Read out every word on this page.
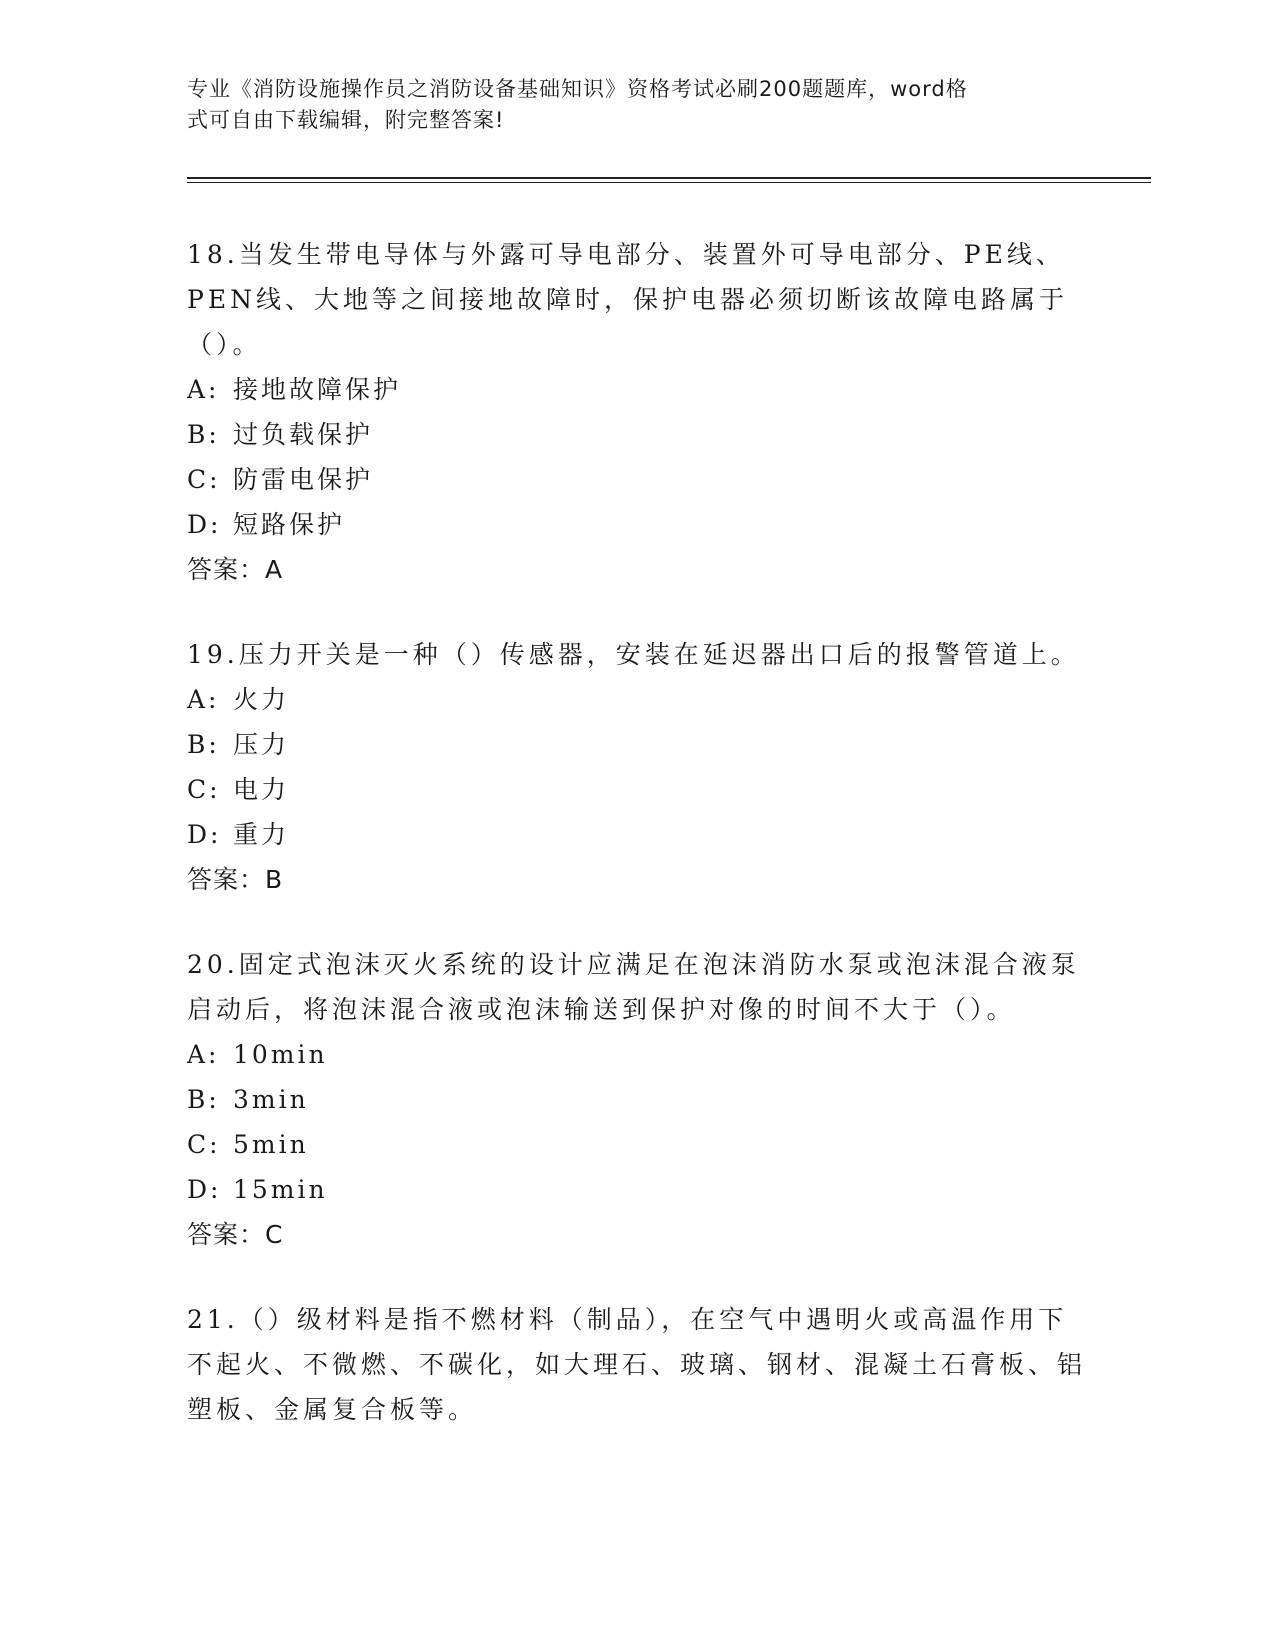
专业《消防设施操作员之消防设备基础知识》资格考试必刷200题题库，word格
式可自由下载编辑，附完整答案!

18.当发生带电导体与外露可导电部分、装置外可导电部分、PE线、PEN线、大地等之间接地故障时，保护电器必须切断该故障电路属于（）。

A: 接地故障保护
B: 过负载保护
C: 防雷电保护
D: 短路保护

答案：A

19.压力开关是一种（）传感器，安装在延迟器出口后的报警管道上。

A: 火力
B: 压力
C: 电力
D: 重力

答案：B

20.固定式泡沫灭火系统的设计应满足在泡沫消防水泵或泡沫混合液泵启动后，将泡沫混合液或泡沫输送到保护对像的时间不大于（）。

A: 10min
B: 3min
C: 5min
D: 15min

答案：C

21.（）级材料是指不燃材料（制品），在空气中遇明火或高温作用下不起火、不微燃、不碳化，如大理石、玻璃、钢材、混凝土石膏板、铝塑板、金属复合板等。
